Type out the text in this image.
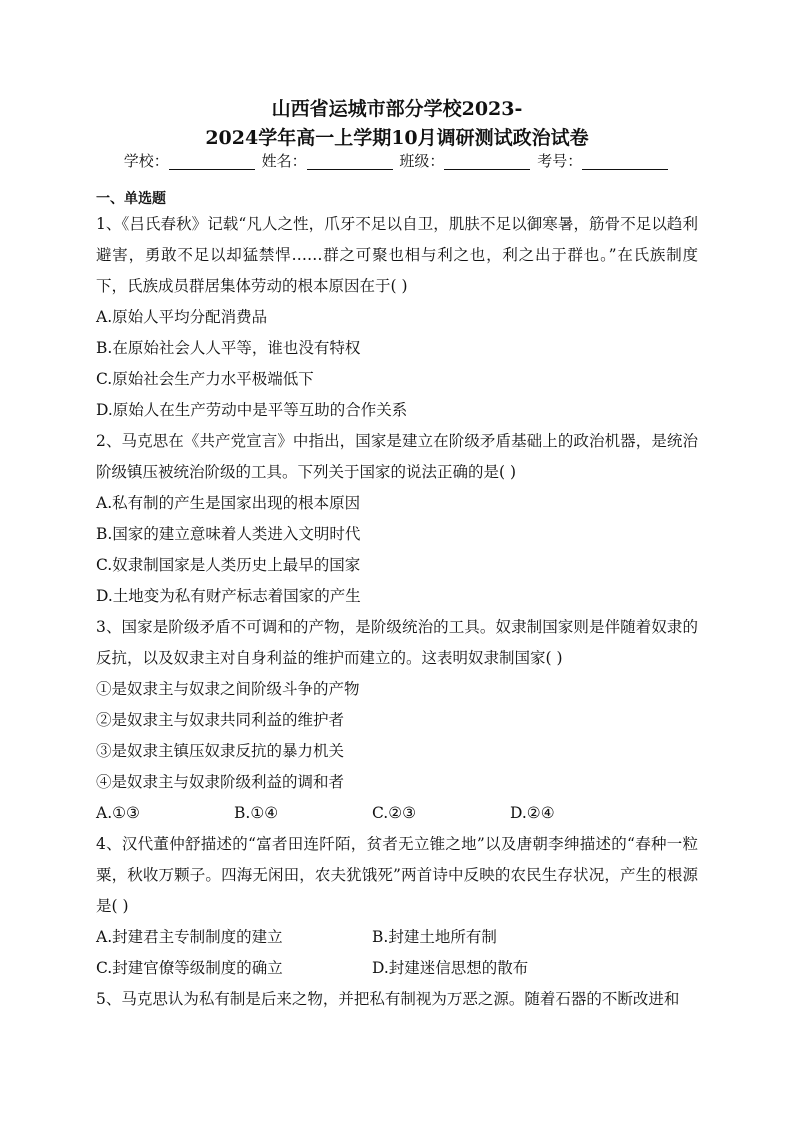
山西省运城市部分学校2023-
2024学年高一上学期10月调研测试政治试卷
学校：	姓名：	班级：	考号：
一、单选题

1、《吕氏春秋》记载“凡人之性，爪牙不足以自卫，肌肤不足以御寒暑，筋骨不足以趋利避害，勇敢不足以却猛禁悍……群之可聚也相与利之也，利之出于群也。”在氏族制度下，氏族成员群居集体劳动的根本原因在于( )

A.原始人平均分配消费品

B.在原始社会人人平等，谁也没有特权

C.原始社会生产力水平极端低下

D.原始人在生产劳动中是平等互助的合作关系

2、马克思在《共产党宣言》中指出，国家是建立在阶级矛盾基础上的政治机器，是统治阶级镇压被统治阶级的工具。下列关于国家的说法正确的是( )

A.私有制的产生是国家出现的根本原因

B.国家的建立意味着人类进入文明时代

C.奴隶制国家是人类历史上最早的国家

D.土地变为私有财产标志着国家的产生

3、国家是阶级矛盾不可调和的产物，是阶级统治的工具。奴隶制国家则是伴随着奴隶的反抗，以及奴隶主对自身利益的维护而建立的。这表明奴隶制国家( )

①是奴隶主与奴隶之间阶级斗争的产物

②是奴隶主与奴隶共同利益的维护者

③是奴隶主镇压奴隶反抗的暴力机关

④是奴隶主与奴隶阶级利益的调和者

A.①③	B.①④	C.②③	D.②④

4、汉代董仲舒描述的“富者田连阡陌，贫者无立锥之地”以及唐朝李绅描述的“春种一粒粟，秋收万颗子。四海无闲田，农夫犹饿死”两首诗中反映的农民生存状况，产生的根源是( )

A.封建君主专制制度的建立	B.封建土地所有制
C.封建官僚等级制度的确立	D.封建迷信思想的散布

5、马克思认为私有制是后来之物，并把私有制视为万恶之源。随着石器的不断改进和
